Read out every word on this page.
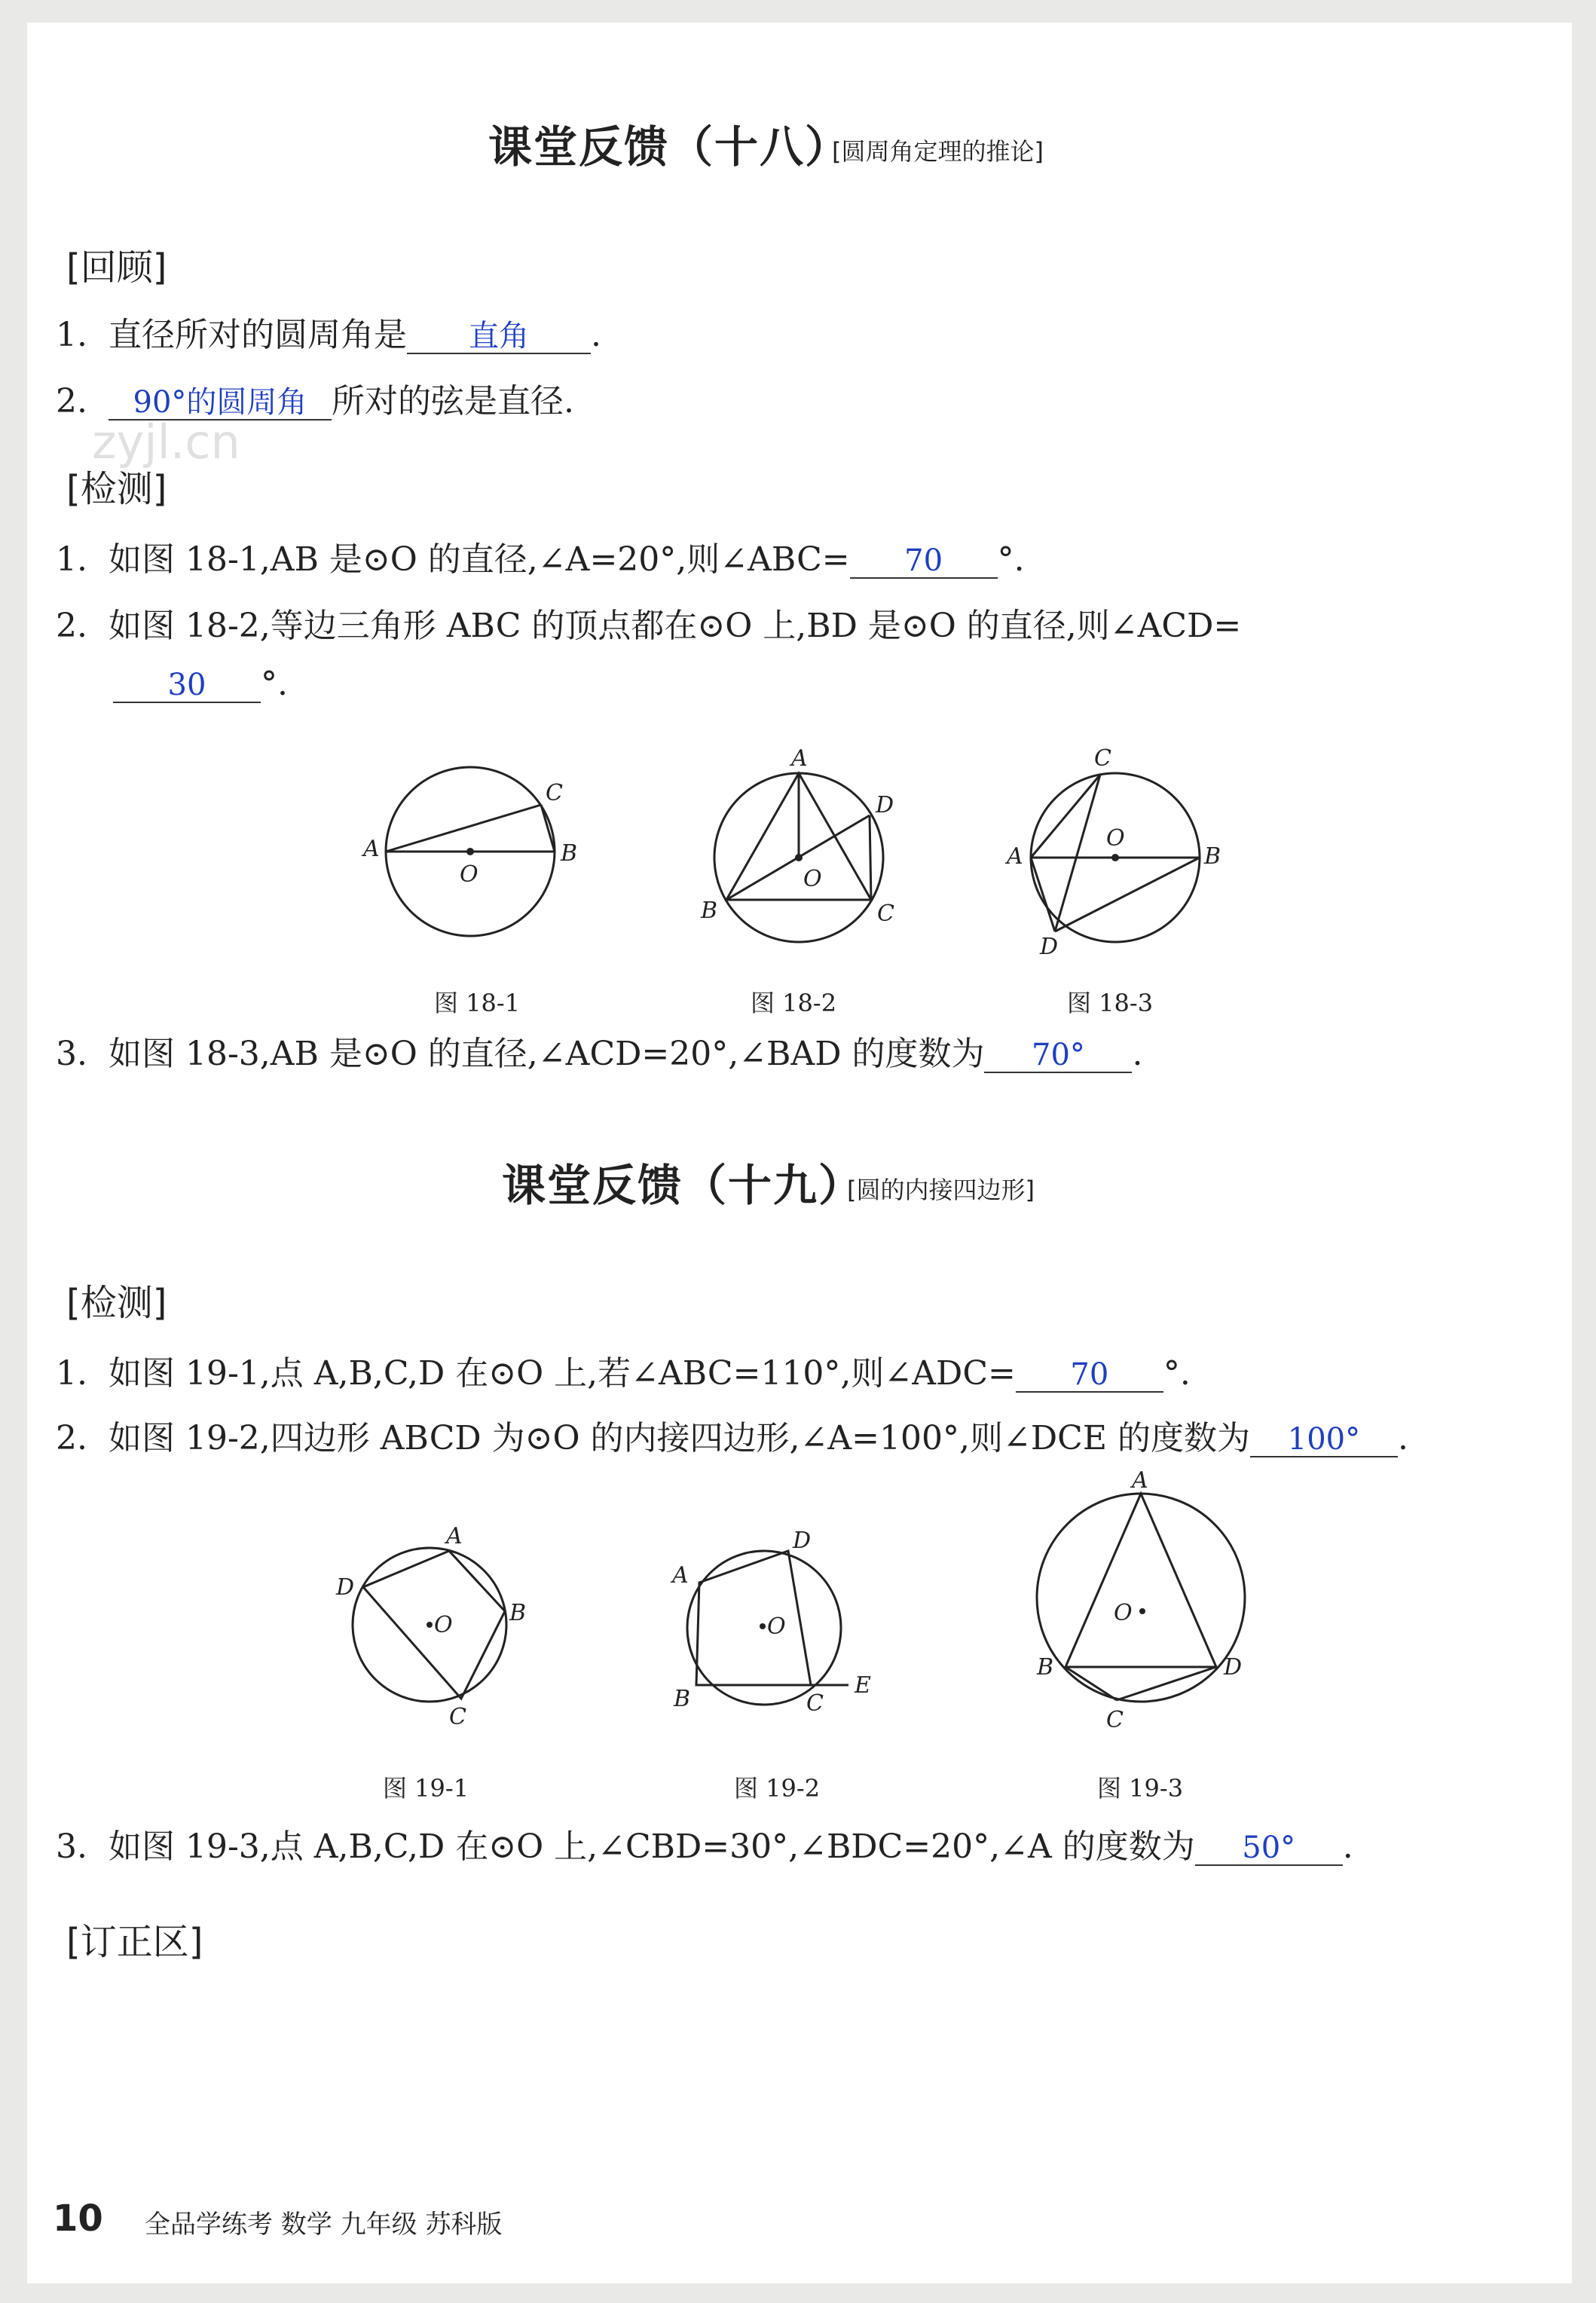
课堂反馈（十八）
[圆周角定理的推论]
[回顾]
1. 直径所对的圆周角是 直角 .
2. 90°的圆周角 所对的弦是直径.
zyjl.cn
[检测]
1. 如图 18-1,AB 是⊙O 的直径,∠A=20°,则∠ABC= 70 °.
2. 如图 18-2,等边三角形 ABC 的顶点都在⊙O 上,BD 是⊙O 的直径,则∠ACD=
30 °.
A
O
C
B
A
O
D
C
B
C
O
A	B
D
图 18-1	图 18-2	图 18-3
3. 如图 18-3,AB 是⊙O 的直径,∠ACD=20°,∠BAD 的度数为 70° .
课堂反馈（十九）
[圆的内接四边形]
[检测]
1. 如图 19-1,点 A,B,C,D 在⊙O 上,若∠ABC=110°,则∠ADC= 70 °.
2. 如图 19-2,四边形 ABCD 为⊙O 的内接四边形,∠A=100°,则∠DCE 的度数为 100° .
O
A
D
B
C
O
A
D
B	C
E
O
A
B	D
C
图 19-1	图 19-2	图 19-3
3. 如图 19-3,点 A,B,C,D 在⊙O 上,∠CBD=30°,∠BDC=20°,∠A 的度数为 50° .
[订正区]
10 全品学练考 数学 九年级 苏科版
